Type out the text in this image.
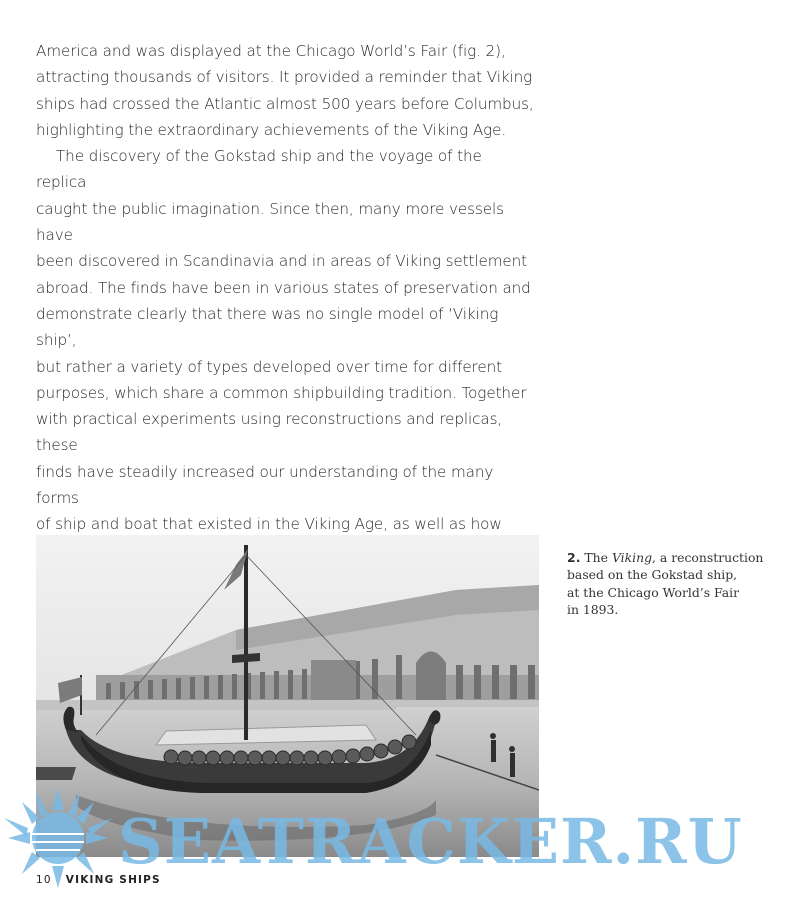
America and was displayed at the Chicago World’s Fair (fig. 2),
attracting thousands of visitors. It provided a reminder that Viking
ships had crossed the Atlantic almost 500 years before Columbus,
highlighting the extraordinary achievements of the Viking Age.

The discovery of the Gokstad ship and the voyage of the replica
caught the public imagination. Since then, many more vessels have
been discovered in Scandinavia and in areas of Viking settlement
abroad. The finds have been in various states of preservation and
demonstrate clearly that there was no single model of ‘Viking ship’,
but rather a variety of types developed over time for different
purposes, which share a common shipbuilding tradition. Together
with practical experiments using reconstructions and replicas, these
finds have steadily increased our understanding of the many forms
of ship and boat that existed in the Viking Age, as well as how

2. The Viking, a reconstruction
based on the Gokstad ship,
at the Chicago World’s Fair
in 1893.
SEATRACKER.RU
10 VIKING SHIPS
